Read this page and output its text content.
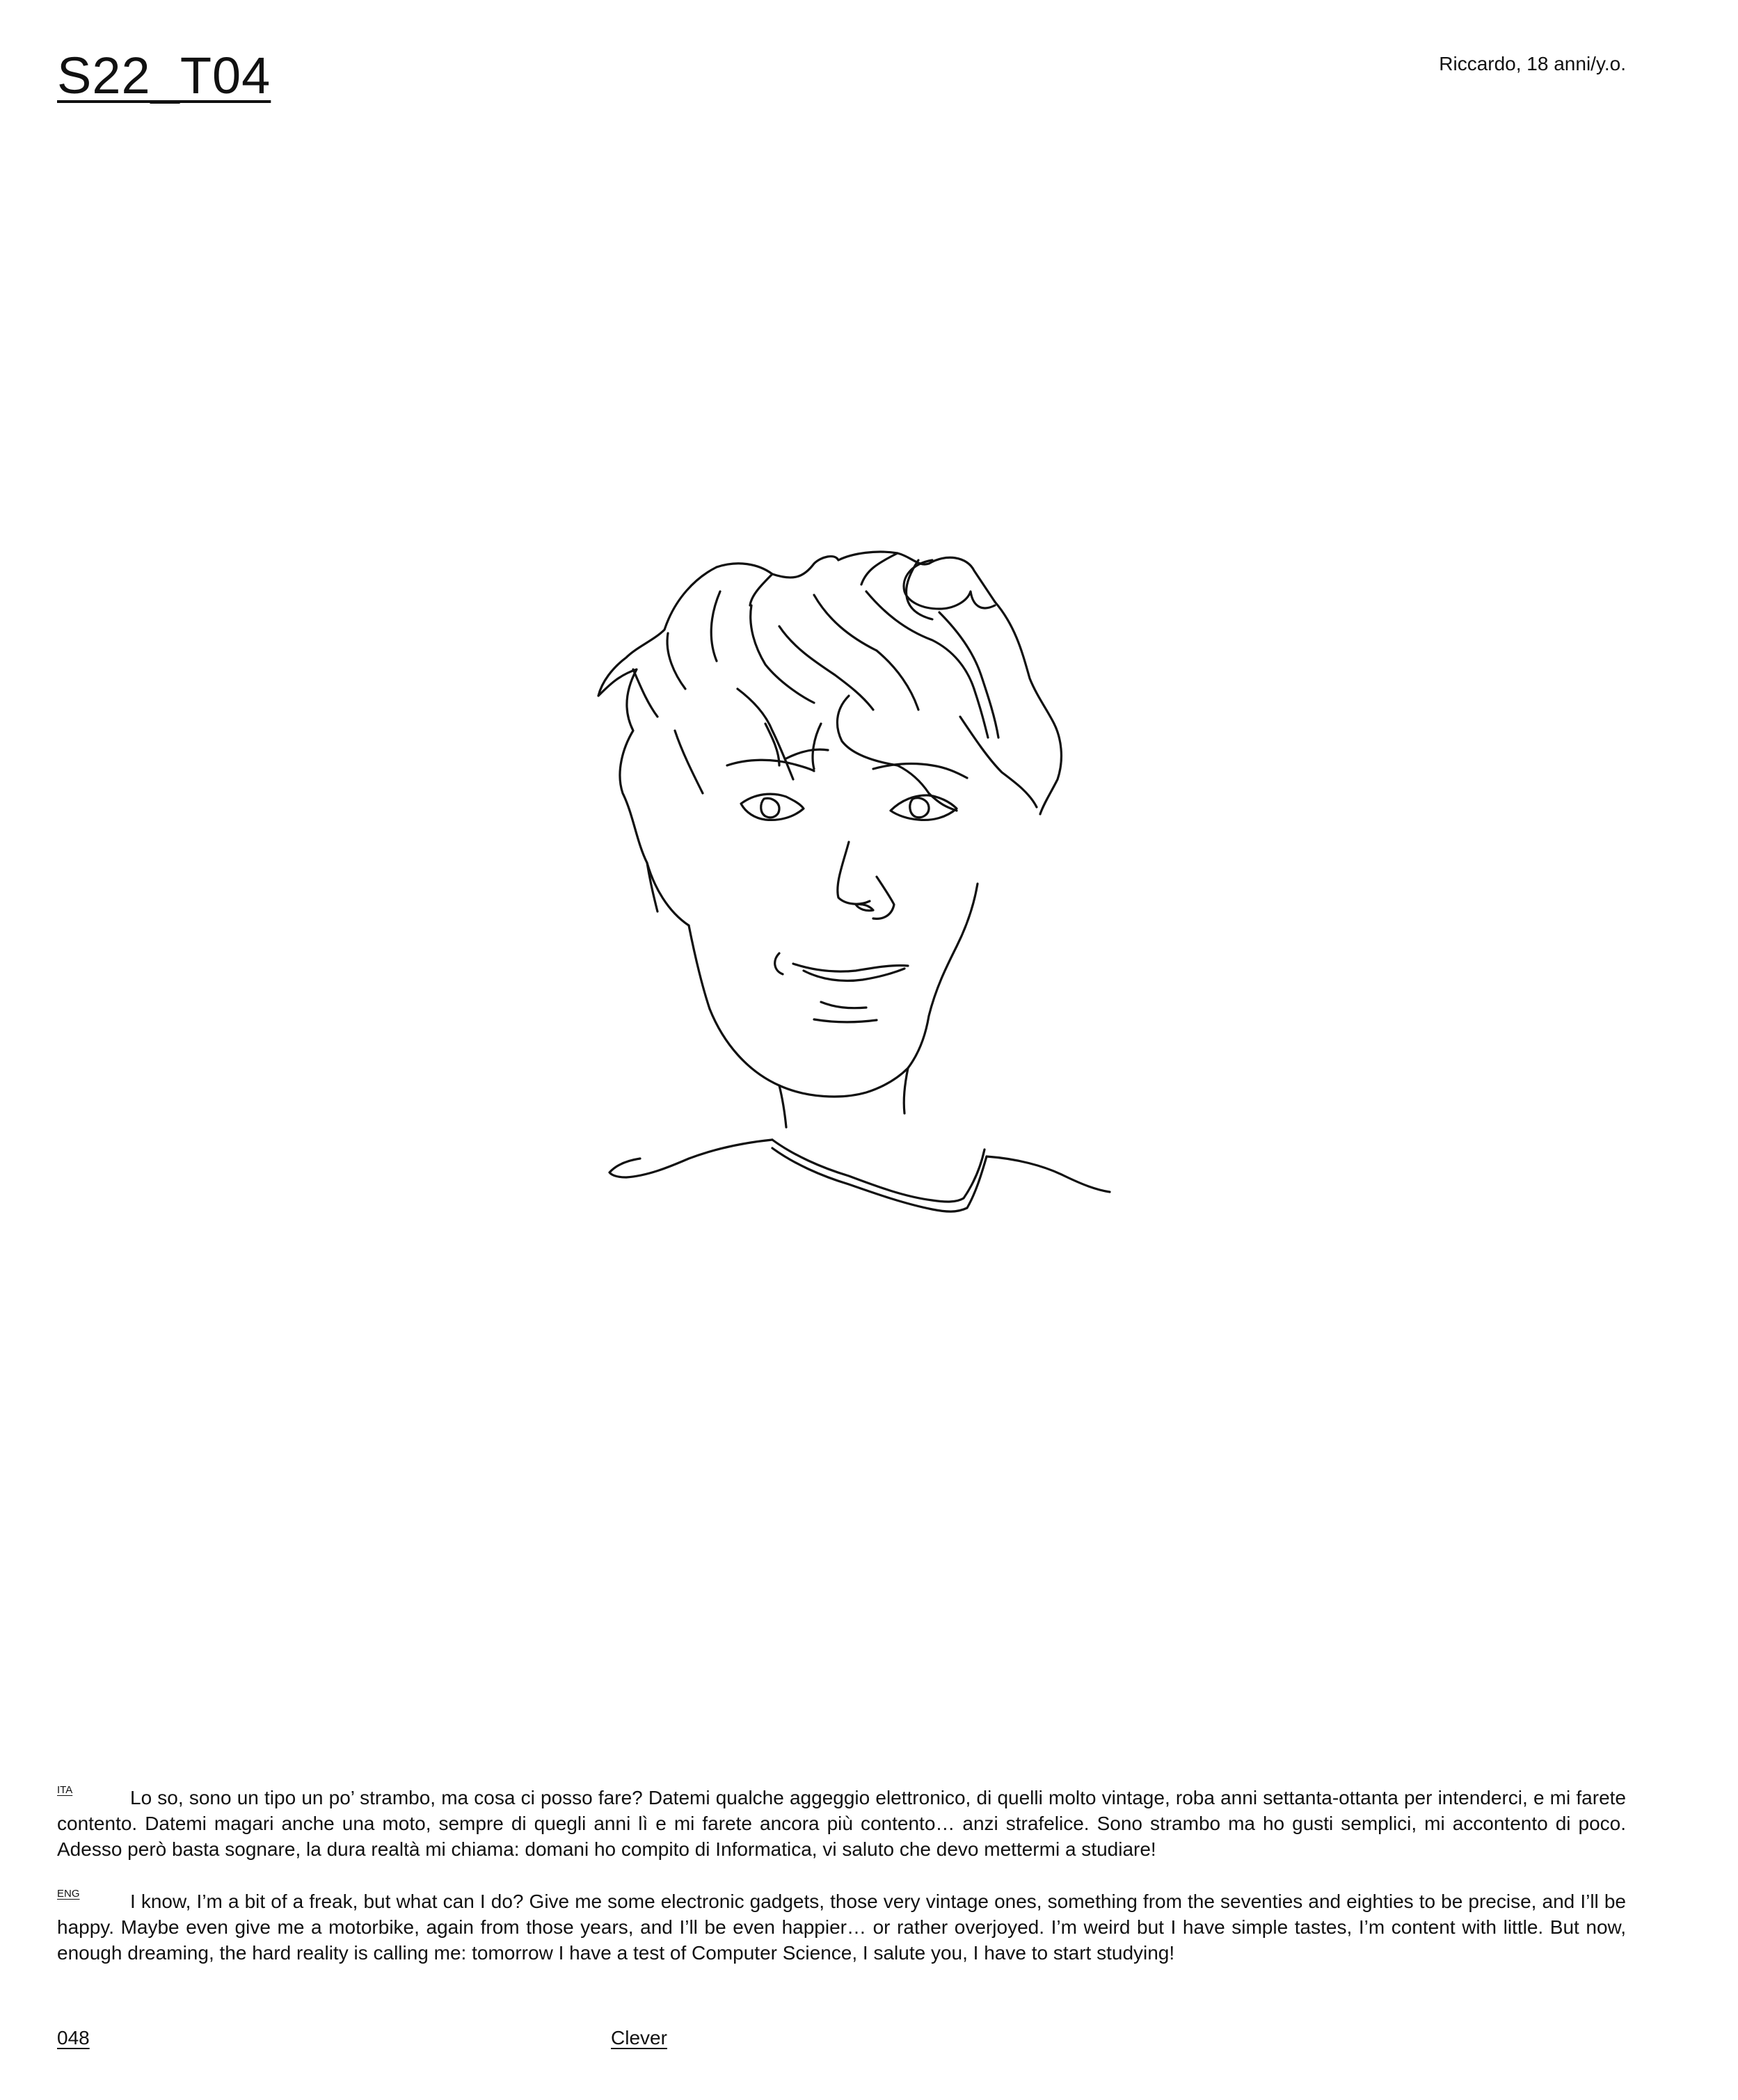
S22_T04	Riccardo, 18 anni/y.o.
ITA	Lo so, sono un tipo un po’ strambo, ma cosa ci posso fare? Datemi qualche aggeggio elettronico, di quelli molto vintage, roba anni settanta-ottanta per intenderci, e mi farete contento. Datemi magari anche una moto, sempre di quegli anni lì e mi farete ancora più contento… anzi strafelice. Sono strambo ma ho gusti semplici, mi accontento di poco. Adesso però basta sognare, la dura realtà mi chiama: domani ho compito di Informatica, vi saluto che devo mettermi a studiare!

ENG	I know, I’m a bit of a freak, but what can I do? Give me some electronic gadgets, those very vintage ones, something from the seventies and eighties to be precise, and I’ll be happy. Maybe even give me a motorbike, again from those years, and I’ll be even happier… or rather overjoyed. I’m weird but I have simple tastes, I’m content with little. But now, enough dreaming, the hard reality is calling me: tomorrow I have a test of Computer Science, I salute you, I have to start studying!

048	Clever
